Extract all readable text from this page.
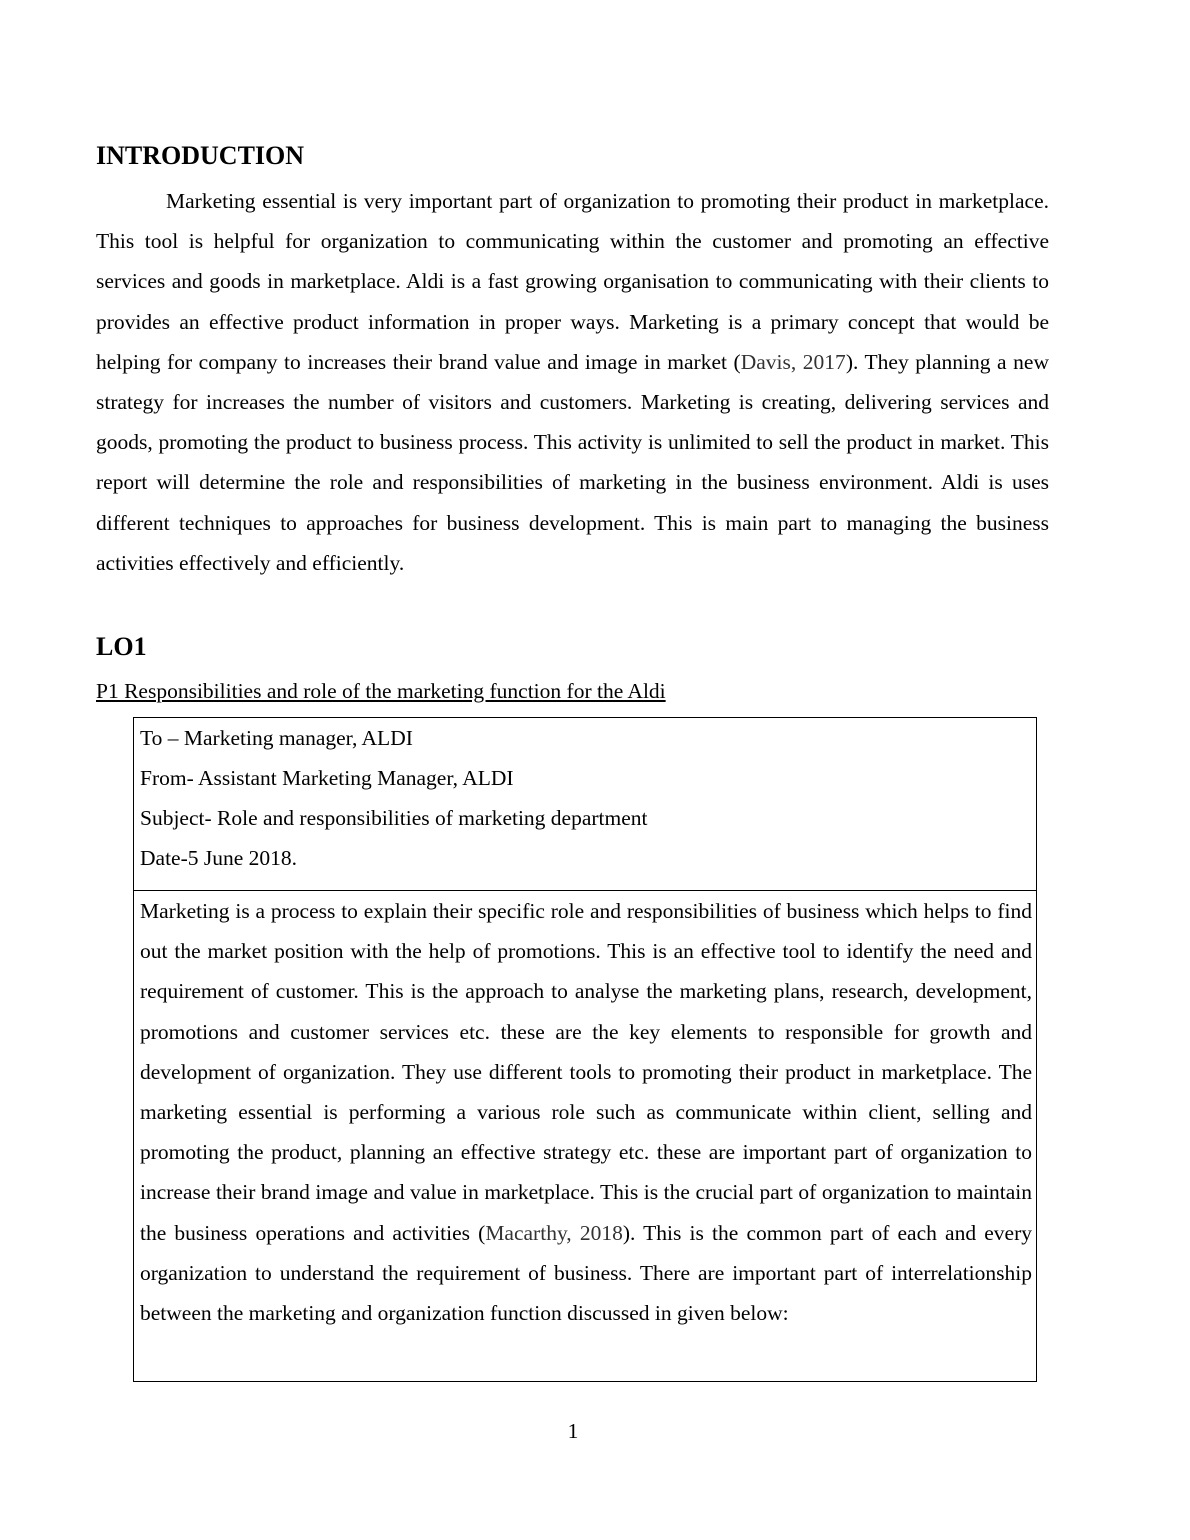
INTRODUCTION

Marketing essential is very important part of organization to promoting their product in marketplace. This tool is helpful for organization to communicating within the customer and promoting an effective services and goods in marketplace. Aldi is a fast growing organisation to communicating with their clients to provides an effective product information in proper ways. Marketing is a primary concept that would be helping for company to increases their brand value and image in market (Davis, 2017). They planning a new strategy for increases the number of visitors and customers. Marketing is creating, delivering services and goods, promoting the product to business process. This activity is unlimited to sell the product in market. This report will determine the role and responsibilities of marketing in the business environment. Aldi is uses different techniques to approaches for business development. This is main part to managing the business activities effectively and efficiently.

LO1

P1 Responsibilities and role of the marketing function for the Aldi

To – Marketing manager, ALDI

From- Assistant Marketing Manager, ALDI

Subject- Role and responsibilities of marketing department

Date-5 June 2018.

Marketing is a process to explain their specific role and responsibilities of business which helps to find out the market position with the help of promotions. This is an effective tool to identify the need and requirement of customer. This is the approach to analyse the marketing plans, research, development, promotions and customer services etc. these are the key elements to responsible for growth and development of organization. They use different tools to promoting their product in marketplace. The marketing essential is performing a various role such as communicate within client, selling and promoting the product, planning an effective strategy etc. these are important part of organization to increase their brand image and value in marketplace. This is the crucial part of organization to maintain the business operations and activities (Macarthy, 2018). This is the common part of each and every organization to understand the requirement of business. There are important part of interrelationship between the marketing and organization function discussed in given below:

1
